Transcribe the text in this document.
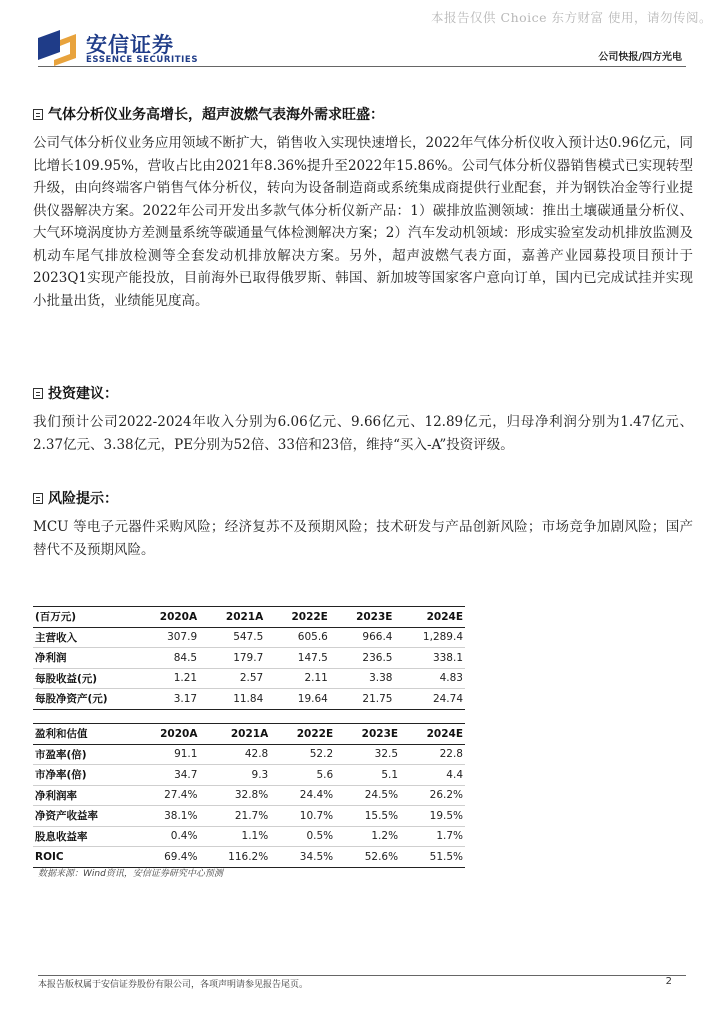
本报告仅供 Choice 东方财富 使用，请勿传阅。
安信证券
ESSENCE SECURITIES	公司快报/四方光电
气体分析仪业务高增长，超声波燃气表海外需求旺盛：
公司气体分析仪业务应用领域不断扩大，销售收入实现快速增长，2022年气体分析仪收入预计达0.96亿元，同比增长109.95%，营收占比由2021年8.36%提升至2022年15.86%。公司气体分析仪器销售模式已实现转型升级，由向终端客户销售气体分析仪，转向为设备制造商或系统集成商提供行业配套，并为钢铁冶金等行业提供仪器解决方案。2022年公司开发出多款气体分析仪新产品：1）碳排放监测领域：推出土壤碳通量分析仪、大气环境涡度协方差测量系统等碳通量气体检测解决方案；2）汽车发动机领域：形成实验室发动机排放监测及机动车尾气排放检测等全套发动机排放解决方案。另外，超声波燃气表方面，嘉善产业园募投项目预计于2023Q1实现产能投放，目前海外已取得俄罗斯、韩国、新加坡等国家客户意向订单，国内已完成试挂并实现小批量出货，业绩能见度高。
投资建议：
我们预计公司2022-2024年收入分别为6.06亿元、9.66亿元、12.89亿元，归母净利润分别为1.47亿元、2.37亿元、3.38亿元，PE分别为52倍、33倍和23倍，维持“买入-A”投资评级。
风险提示：
MCU 等电子元器件采购风险；经济复苏不及预期风险；技术研发与产品创新风险；市场竞争加剧风险；国产替代不及预期风险。
(百万元)	2020A	2021A	2022E	2023E	2024E
主营收入	307.9	547.5	605.6	966.4	1,289.4
净利润	84.5	179.7	147.5	236.5	338.1
每股收益(元)	1.21	2.57	2.11	3.38	4.83
每股净资产(元)	3.17	11.84	19.64	21.75	24.74
盈利和估值	2020A	2021A	2022E	2023E	2024E
市盈率(倍)	91.1	42.8	52.2	32.5	22.8
市净率(倍)	34.7	9.3	5.6	5.1	4.4
净利润率	27.4%	32.8%	24.4%	24.5%	26.2%
净资产收益率	38.1%	21.7%	10.7%	15.5%	19.5%
股息收益率	0.4%	1.1%	0.5%	1.2%	1.7%
ROIC	69.4%	116.2%	34.5%	52.6%	51.5%
数据来源：Wind资讯，安信证券研究中心预测
本报告版权属于安信证券股份有限公司，各项声明请参见报告尾页。	2
